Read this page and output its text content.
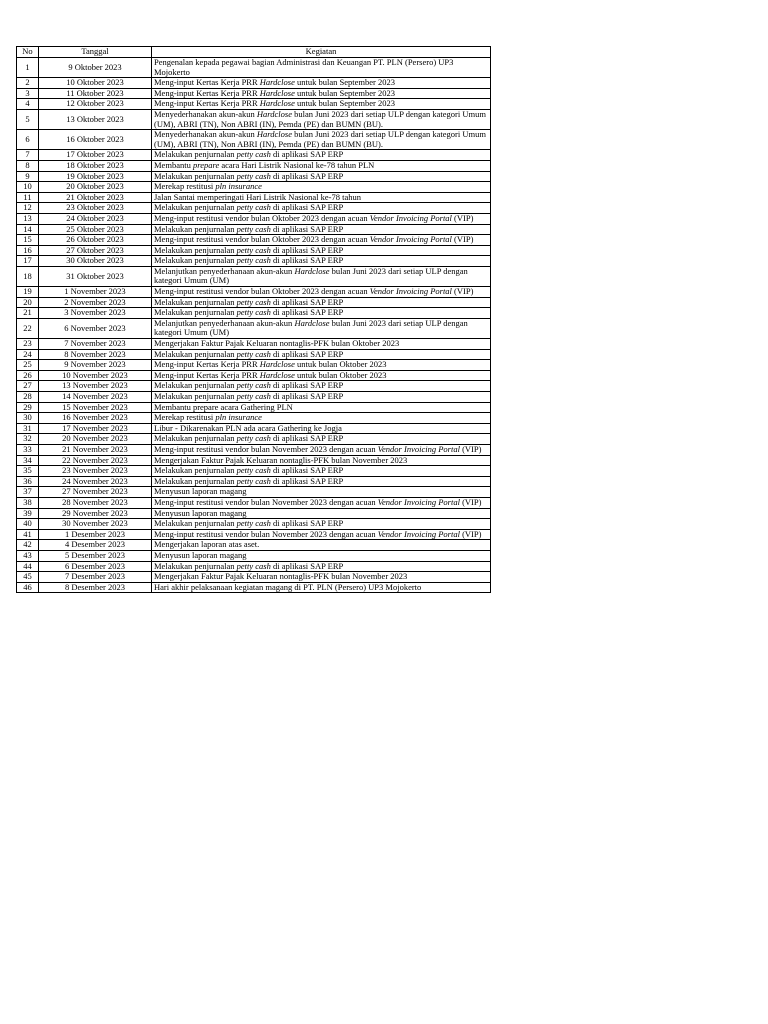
No	Tanggal	Kegiatan
1	9 Oktober 2023	Pengenalan kepada pegawai bagian Administrasi dan Keuangan PT. PLN (Persero) UP3 Mojokerto
2	10 Oktober 2023	Meng-input Kertas Kerja PRR Hardclose untuk bulan September 2023
3	11 Oktober 2023	Meng-input Kertas Kerja PRR Hardclose untuk bulan September 2023
4	12 Oktober 2023	Meng-input Kertas Kerja PRR Hardclose untuk bulan September 2023
5	13 Oktober 2023	Menyederhanakan akun-akun Hardclose bulan Juni 2023 dari setiap ULP dengan kategori Umum (UM), ABRI (TN), Non ABRI (IN), Pemda (PE) dan BUMN (BU).
6	16 Oktober 2023	Menyederhanakan akun-akun Hardclose bulan Juni 2023 dari setiap ULP dengan kategori Umum (UM), ABRI (TN), Non ABRI (IN), Pemda (PE) dan BUMN (BU).
7	17 Oktober 2023	Melakukan penjurnalan petty cash di aplikasi SAP ERP
8	18 Oktober 2023	Membantu prepare acara Hari Listrik Nasional ke-78 tahun PLN
9	19 Oktober 2023	Melakukan penjurnalan petty cash di aplikasi SAP ERP
10	20 Oktober 2023	Merekap restitusi pln insurance
11	21 Oktober 2023	Jalan Santai memperingati Hari Listrik Nasional ke-78 tahun
12	23 Oktober 2023	Melakukan penjurnalan petty cash di aplikasi SAP ERP
13	24 Oktober 2023	Meng-input restitusi vendor bulan Oktober 2023 dengan acuan Vendor Invoicing Portal (VIP)
14	25 Oktober 2023	Melakukan penjurnalan petty cash di aplikasi SAP ERP
15	26 Oktober 2023	Meng-input restitusi vendor bulan Oktober 2023 dengan acuan Vendor Invoicing Portal (VIP)
16	27 Oktober 2023	Melakukan penjurnalan petty cash di aplikasi SAP ERP
17	30 Oktober 2023	Melakukan penjurnalan petty cash di aplikasi SAP ERP
18	31 Oktober 2023	Melanjutkan penyederhanaan akun-akun Hardclose bulan Juni 2023 dari setiap ULP dengan kategori Umum (UM)
19	1 November 2023	Meng-input restitusi vendor bulan Oktober 2023 dengan acuan Vendor Invoicing Portal (VIP)
20	2 November 2023	Melakukan penjurnalan petty cash di aplikasi SAP ERP
21	3 November 2023	Melakukan penjurnalan petty cash di aplikasi SAP ERP
22	6 November 2023	Melanjutkan penyederhanaan akun-akun Hardclose bulan Juni 2023 dari setiap ULP dengan kategori Umum (UM)
23	7 November 2023	Mengerjakan Faktur Pajak Keluaran nontaglis-PFK bulan Oktober 2023
24	8 November 2023	Melakukan penjurnalan petty cash di aplikasi SAP ERP
25	9 November 2023	Meng-input Kertas Kerja PRR Hardclose untuk bulan Oktober 2023
26	10 November 2023	Meng-input Kertas Kerja PRR Hardclose untuk bulan Oktober 2023
27	13 November 2023	Melakukan penjurnalan petty cash di aplikasi SAP ERP
28	14 November 2023	Melakukan penjurnalan petty cash di aplikasi SAP ERP
29	15 November 2023	Membantu prepare acara Gathering PLN
30	16 November 2023	Merekap restitusi pln insurance
31	17 November 2023	Libur - Dikarenakan PLN ada acara Gathering ke Jogja
32	20 November 2023	Melakukan penjurnalan petty cash di aplikasi SAP ERP
33	21 November 2023	Meng-input restitusi vendor bulan November 2023 dengan acuan Vendor Invoicing Portal (VIP)
34	22 November 2023	Mengerjakan Faktur Pajak Keluaran nontaglis-PFK bulan November 2023
35	23 November 2023	Melakukan penjurnalan petty cash di aplikasi SAP ERP
36	24 November 2023	Melakukan penjurnalan petty cash di aplikasi SAP ERP
37	27 November 2023	Menyusun laporan magang
38	28 November 2023	Meng-input restitusi vendor bulan November 2023 dengan acuan Vendor Invoicing Portal (VIP)
39	29 November 2023	Menyusun laporan magang
40	30 November 2023	Melakukan penjurnalan petty cash di aplikasi SAP ERP
41	1 Desember 2023	Meng-input restitusi vendor bulan November 2023 dengan acuan Vendor Invoicing Portal (VIP)
42	4 Desember 2023	Mengerjakan laporan atas aset.
43	5 Desember 2023	Menyusun laporan magang
44	6 Desember 2023	Melakukan penjurnalan petty cash di aplikasi SAP ERP
45	7 Desember 2023	Mengerjakan Faktur Pajak Keluaran nontaglis-PFK bulan November 2023
46	8 Desember 2023	Hari akhir pelaksanaan kegiatan magang di PT. PLN (Persero) UP3 Mojokerto
